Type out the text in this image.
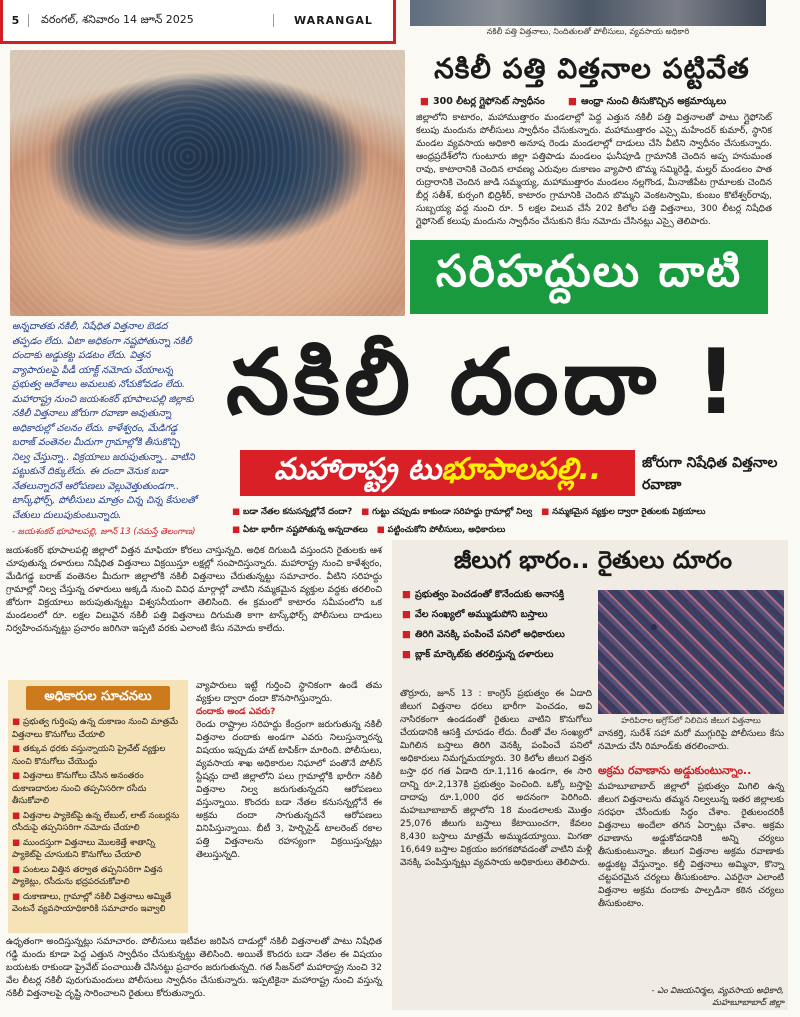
5	వరంగల్, శనివారం 14 జూన్ 2025	WARANGAL
నకిలీ పత్తి విత్తనాలు, నిందితులతో పోలీసులు, వ్యవసాయ అధికారి
నకిలీ పత్తి విత్తనాల పట్టివేత
■ 300 లీటర్ల గ్లైఫోసెట్ స్వాధీనం ■ ఆంధ్రా నుంచి తీసుకొచ్చిన అక్రమార్కులు
జిల్లాలోని కాటారం, మహాముత్తారం మండలాల్లో పెద్ద ఎత్తున నకిలీ పత్తి విత్తనాలతో పాటు గ్లైఫోసెట్ కలుపు మందును పోలీసులు స్వాధీనం చేసుకున్నారు. మహాముత్తారం ఎస్సై మహేందర్ కుమార్, స్థానిక మండల వ్యవసాయ అధికారి అనూష రెండు మండలాల్లో దాడులు చేసి వీటిని స్వాధీనం చేసుకున్నారు. ఆంధ్రప్రదేశ్‌లోని గుంటూరు జిల్లా పత్తిపాడు మండలం ఘనీపూడి గ్రామానికి చెందిన అప్ప హనుమంత రావు, కాటారానికి చెందిన లావణ్య ఎరువుల దుకాణం వ్యాపారి బొమ్మ సమ్మిరెడ్డి, మల్హర్ మండలం పాత రుద్రారానికి చెందిన జాడి సమ్మయ్య, మహాముత్తారం మండలం నల్లగొండ, మీనాజీపేట గ్రామాలకు చెందిన బీర్ల సతీశ్, కుర్సంగి భిద్రిశీర్, కాటారం గ్రామానికి చెందిన బొమ్మని వెంకటస్వామి, కుంబం కొటేశ్వర్‌రావు, సుబ్బయ్య వద్ద నుంచి రూ. 5 లక్షల విలువ చేసే 202 కిలోల పత్తి విత్తనాలు, 300 లీటర్ల నిషేధిత గ్లైఫోసెట్ కలుపు మందును స్వాధీనం చేసుకుని కేసు నమోదు చేసినట్లు ఎస్సై తెలిపారు.
సరిహద్దులు దాటి
అన్నదాతకు నకిలీ, నిషేధిత విత్తనాల బెడద తప్పడం లేదు. ఏటా అధికంగా నష్టపోతున్నా నకిలీ దందాకు అడ్డుకట్ట పడటం లేదు. విత్తన వ్యాపారులపై పీడీ యాక్ట్ నమోదు చేయాలన్న ప్రభుత్వ ఆదేశాలు అమలుకు నోచుకోవడం లేదు. మహారాష్ట్ర నుంచి జయశంకర్ భూపాలపల్లి జిల్లాకు నకిలీ విత్తనాలు జోరుగా రవాణా అవుతున్నా అధికారుల్లో చలనం లేదు. కాళేశ్వరం, మేడిగడ్డ బరాజ్ వంతెనల మీదుగా గ్రామాల్లోకి తీసుకొచ్చి నిల్వ చేస్తున్నా.. విక్రయాలు జరుపుతున్నా.. వాటిని పట్టుకునే దిక్కులేదు. ఈ దందా వెనుక బడా నేతలున్నారనే ఆరోపణలు వెల్లువెత్తుతుండగా.. టాస్క్‌ఫోర్స్, పోలీసులు మాత్రం చిన్న చిన్న కేసులతో చేతులు దులుపుకుంటున్నారు.
- జయశంకర్ భూపాలపల్లి, జూన్ 13 (నమస్తే తెలంగాణ)
నకిలీ దందా !
మహారాష్ట్ర టు భూపాలపల్లి..	జోరుగా నిషేధిత విత్తనాల రవాణా
■ బడా నేతల కనుసన్నల్లోనే దందా? ■ గుట్టు చప్పుడు కాకుండా సరిహద్దు గ్రామాల్లో నిల్వ ■ నమ్మకమైన వ్యక్తుల ద్వారా రైతులకు విక్రయాలు
■ ఏటా భారీగా నష్టపోతున్న అన్నదాతలు ■ పట్టించుకోని పోలీసులు, అధికారులు
జయశంకర్ భూపాలపల్లి జిల్లాలో విత్తన మాఫియా కోరలు చాస్తున్నది. అధిక దిగుబడి వస్తుందని రైతులకు ఆశ చూపుతున్న దళారులు నిషేధిత విత్తనాలు విక్రయిస్తూ లక్షల్లో సంపాదిస్తున్నారు. మహారాష్ట్ర నుంచి కాళేశ్వరం, మేడిగడ్డ బరాజ్ వంతెనల మీదుగా జిల్లాలోకి నకిలీ విత్తనాలు చేరుతున్నట్టు సమాచారం. వీటిని సరిహద్దు గ్రామాల్లో నిల్వ చేస్తున్న దళారులు అక్కడి నుంచి వివిధ మార్గాల్లో వాటిని నమ్మకమైన వ్యక్తుల వద్దకు తరలించి జోరుగా విక్రయాలు జరుపుతున్నట్టు విశ్వసనీయంగా తెలిసింది. ఈ క్రమంలో కాటారం సమీపంలోని ఒక మండలంలో రూ. లక్షల విలువైన నకిలీ పత్తి విత్తనాలు దిగుమతి కాగా టాస్క్‌ఫోర్స్ పోలీసులు దాడులు నిర్వహించనున్నట్టు ప్రచారం జరిగినా ఇప్పటి వరకు ఎలాంటి కేసు నమోదు కాలేదు.
అధికారుల సూచనలు
■ ప్రభుత్వ గుర్తింపు ఉన్న దుకాణం నుంచి మాత్రమే విత్తనాలు కొనుగోలు చేయాలి
■ తక్కువ ధరకు వస్తున్నాయని ప్రైవేట్ వ్యక్తుల నుంచి కొనుగోలు చేయొద్దు
■ విత్తనాలు కొనుగోలు చేసిన అనంతరం దుకాణదారుల నుంచి తప్పనిసరిగా రసీదు తీసుకోవాలి
■ విత్తనాల ప్యాకెట్‌పై ఉన్న లేబుల్, లాట్ నంబర్లను రసీదుపై తప్పనిసరిగా నమోదు చేయాలి
■ ముందస్తుగా విత్తనాలు మొలకెత్తే శాతాన్ని ప్యాకెట్‌పై చూసుకుని కొనుగోలు చేయాలి
■ పంటలు విత్తిన తర్వాత తప్పనిసరిగా విత్తన ప్యాకెట్లు, రసీదును భద్రపరచుకోవాలి
■ దుకాణాలు, గ్రామాల్లో నకిలీ విత్తనాలు అమ్మితే వెంటనే వ్యవసాయాధికారికి సమాచారం ఇవ్వాలి
వ్యాపారులు ఇట్టే గుర్తించి స్థానికంగా ఉండే తమ వ్యక్తుల ద్వారా దందా కొనసాగిస్తున్నారు.
దందాకు అండ ఎవరు?
రెండు రాష్ట్రాల సరిహద్దు కేంద్రంగా జరుగుతున్న నకిలీ విత్తనాల దందాకు అండగా ఎవరు నిలుస్తున్నారన్న విషయం ఇప్పుడు హాట్ టాపిక్‌గా మారింది. పోలీసులు, వ్యవసాయ శాఖ అధికారుల నిఘాలో పంతొనే పోలీస్ స్టేషన్లు దాటి జిల్లాలోని పలు గ్రామాల్లోకి భారీగా నకిలీ విత్తనాల నిల్వ జరుగుతున్నదని ఆరోపణలు వస్తున్నాయి. కొందరు బడా నేతల కనుసన్నల్లోనే ఈ అక్రమ దందా సాగుతున్నదనే ఆరోపణలు వినిపిస్తున్నాయి. బీటీ 3, హెర్బిసైడ్ టాలరెంట్ రకాల పత్తి విత్తనాలను రహస్యంగా విక్రయిస్తున్నట్లు తెలుస్తున్నది.
ఉధృతంగా అందిస్తున్నట్లు సమాచారం. పోలీసులు ఇటీవల జరిపిన దాడుల్లో నకిలీ విత్తనాలతో పాటు నిషేధిత గడ్డి మందు కూడా పెద్ద ఎత్తున స్వాధీనం చేసుకున్నట్టు తెలిసింది. అయితే కొందరు బడా నేతల ఈ విషయం బయటకు రాకుండా ప్రైవేట్‌ పంచాయితీ చేసినట్టు ప్రచారం జరుగుతున్నది. గత సీజన్‌లో మహారాష్ట్ర నుంచి 32 వేల లీటర్ల నకిలీ పురుగుమందులు పోలీసులు స్వాధీనం చేసుకున్నారు. ఇప్పటికైనా మహారాష్ట్ర నుంచి వస్తున్న నకిలీ విత్తనాలపై దృష్టి సారించాలని రైతులు కోరుతున్నారు.
జీలుగ భారం.. రైతులు దూరం
■ ప్రభుత్వం పెంచడంతో కొనేందుకు అనాసక్తి
■ వేల సంఖ్యలో అమ్ముడుపోని బస్తాలు
■ తిరిగి వెనక్కి పంపించే పనిలో అధికారులు
■ బ్లాక్ మార్కెట్‌కు తరలిస్తున్న దళారులు
హరిపిరాల అగ్రోస్‌లో నిలిచిన జీలుగ విత్తనాలు
తొర్రూరు, జూన్ 13 : కాంగ్రెస్ ప్రభుత్వం ఈ ఏడాది జీలుగ విత్తనాల ధరలు భారీగా పెంచడం, అవి నాసిరకంగా ఉండడంతో రైతులు వాటిని కొనుగోలు చేయడానికి ఆసక్తి చూపడం లేదు. దీంతో వేల సంఖ్యలో మిగిలిన బస్తాలు తిరిగి వెనక్కి పంపించే పనిలో అధికారులు నిమగ్నమయ్యారు. 30 కిలోల జీలుగ విత్తన బస్తా ధర గత ఏడాది రూ.1,116 ఉండగా, ఈ సారి దాన్ని రూ.2,137కి ప్రభుత్వం పెంచింది. ఒక్కో బస్తాపై దాదాపు రూ.1,000 ధర అదనంగా పెరిగింది. మహబూబాబాద్ జిల్లాలోని 18 మండలాలకు మొత్తం 25,076 జీలుగు బస్తాలు కేటాయించగా, కేవలం 8,430 బస్తాలు మాత్రమే అమ్ముడయ్యాయి. మిగతా 16,649 బస్తాల విక్రయం జరగకపోవడంతో వాటిని మళ్లీ వెనక్కి పంపిస్తున్నట్లు వ్యవసాయ అధికారులు తెలిపారు.
వానకర్తి, సురేశ్ సహా మరో ముగ్గురిపై పోలీసులు కేసు నమోదు చేసి రిమాండ్‌కు తరలించారు.
అక్రమ రవాణాను అడ్డుకుంటున్నాం..
మహబూబాబాద్ జిల్లాలో ప్రభుత్వం మిగిలి ఉన్న జీలుగ విత్తనాలను తమ్మన నిల్వలున్న ఇతర జిల్లాలకు సరఫరా చేసేందుకు సిద్ధం చేశాం. రైతులందరికీ విత్తనాలు అందేలా తగిన ఏర్పాట్లు చేశాం. అక్రమ రవాణాను అడ్డుకోవడానికి అన్ని చర్యలు తీసుకుంటున్నాం. జీలుగ విత్తనాల అక్రమ రవాణాకు అడ్డుకట్ట వేస్తున్నాం. కల్తీ విత్తనాలు అమ్మినా, కొన్నా చట్టపరమైన చర్యలు తీసుకుంటాం. ఎవరైనా ఎలాంటి విత్తనాల అక్రమ దందాకు పాల్పడినా కఠిన చర్యలు తీసుకుంటాం.
- ఎం విజయనిర్మల, వ్యవసాయ అధికారి, మహబూబాబాద్ జిల్లా
